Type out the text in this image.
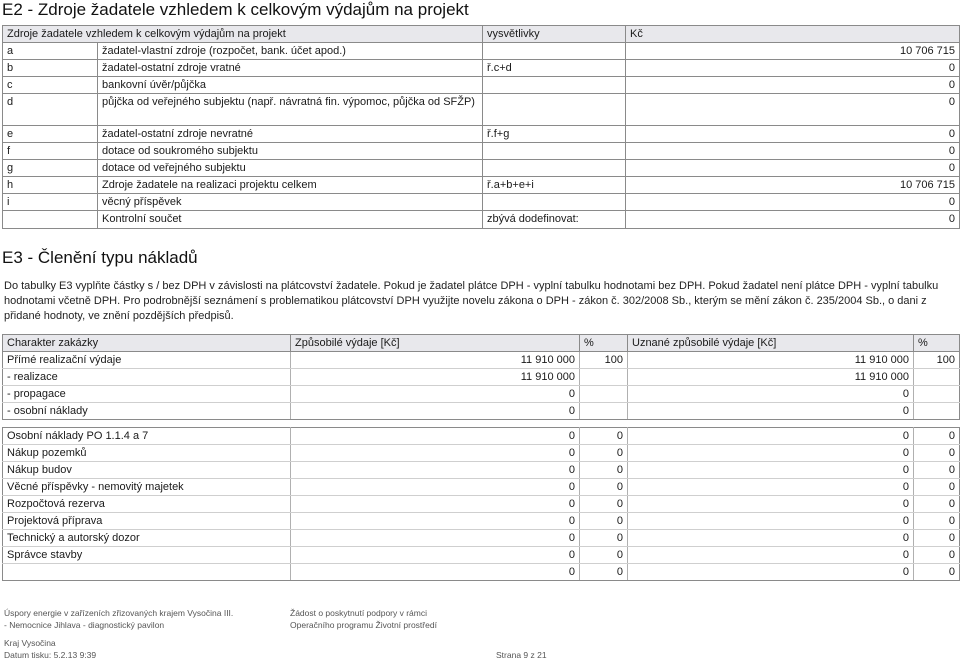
E2 - Zdroje žadatele vzhledem k celkovým výdajům na projekt
Zdroje žadatele vzhledem k celkovým výdajům na projekt		vysvětlivky	Kč
a	žadatel-vlastní zdroje (rozpočet, bank. účet apod.)		10 706 715
b	žadatel-ostatní zdroje vratné	ř.c+d	0
c	bankovní úvěr/půjčka		0
d	půjčka od veřejného subjektu (např. návratná fin. výpomoc, půjčka od SFŽP)		0
e	žadatel-ostatní zdroje nevratné	ř.f+g	0
f	dotace od soukromého subjektu		0
g	dotace od veřejného subjektu		0
h	Zdroje žadatele na realizaci projektu celkem	ř.a+b+e+i	10 706 715
i	věcný příspěvek		0
	Kontrolní součet	zbývá dodefinovat:	0
E3 - Členění typu nákladů
Do tabulky E3 vyplňte částky s / bez DPH v závislosti na plátcovství žadatele. Pokud je žadatel plátce DPH - vyplní tabulku hodnotami bez DPH. Pokud žadatel není plátce DPH - vyplní tabulku hodnotami včetně DPH. Pro podrobnější seznámení s problematikou plátcovství DPH využijte novelu zákona o DPH - zákon č. 302/2008 Sb., kterým se mění zákon č. 235/2004 Sb., o dani z přidané hodnoty, ve znění pozdějších předpisů.
Charakter zakázky	Způsobilé výdaje [Kč]	%	Uznané způsobilé výdaje [Kč]	%
Přímé realizační výdaje	11 910 000	100	11 910 000	100
- realizace	11 910 000		11 910 000	
- propagace	0		0	
- osobní náklady	0		0	

Osobní náklady PO 1.1.4 a 7	0	0	0	0
Nákup pozemků	0	0	0	0
Nákup budov	0	0	0	0
Věcné příspěvky - nemovitý majetek	0	0	0	0
Rozpočtová rezerva	0	0	0	0
Projektová příprava	0	0	0	0
Technický a autorský dozor	0	0	0	0
Správce stavby	0	0	0	0
	0	0	0	0
Úspory energie v zařízeních zřizovaných krajem Vysočina III.
- Nemocnice Jihlava - diagnostický pavilon
Kraj Vysočina
Žádost o poskytnutí podpory v rámci
Operačního programu Životní prostředí
Datum tisku: 5.2.13 9:39	Strana 9 z 21
